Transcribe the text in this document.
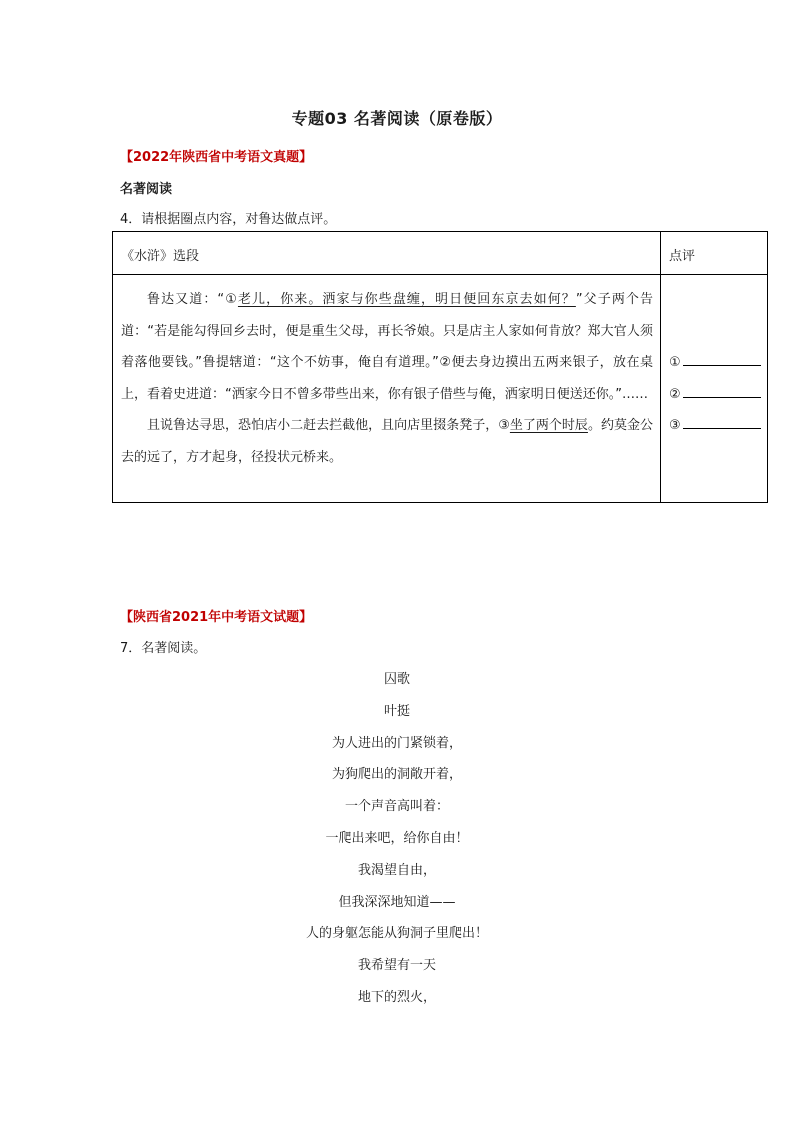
专题03 名著阅读（原卷版）
【2022年陕西省中考语文真题】
名著阅读
4．请根据圈点内容，对鲁达做点评。
《水浒》选段	点评

鲁达又道：“①老儿，你来。洒家与你些盘缠，明日便回东京去如何？”父子两个告道：“若是能勾得回乡去时，便是重生父母，再长爷娘。只是店主人家如何肯放？郑大官人须着落他要钱。”鲁提辖道：“这个不妨事，俺自有道理。”②便去身边摸出五两来银子，放在桌上，看着史进道：“洒家今日不曾多带些出来，你有银子借些与俺，洒家明日便送还你。”……

且说鲁达寻思，恐怕店小二赶去拦截他，且向店里掇条凳子，③坐了两个时辰。约莫金公去的远了，方才起身，径投状元桥来。

①
②
③
【陕西省2021年中考语文试题】
7．名著阅读。
囚歌
叶挺
为人进出的门紧锁着，
为狗爬出的洞敞开着，
一个声音高叫着：
一爬出来吧，给你自由！
我渴望自由，
但我深深地知道——
人的身躯怎能从狗洞子里爬出！
我希望有一天
地下的烈火，
